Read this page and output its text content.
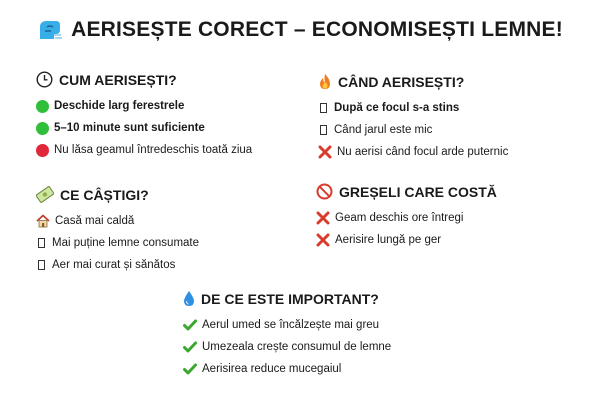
AERISEȘTE CORECT – ECONOMISEȘTI LEMNE!
CUM AERISEȘTI?
Deschide larg ferestrele
5–10 minute sunt suficiente
Nu lăsa geamul întredeschis toată ziua
CÂND AERISEȘTI?
După ce focul s-a stins
Când jarul este mic
Nu aerisi când focul arde puternic
CE CÂȘTIGI?
Casă mai caldă
Mai puține lemne consumate
Aer mai curat și sănătos
GREȘELI CARE COSTĂ
Geam deschis ore întregi
Aerisire lungă pe ger
DE CE ESTE IMPORTANT?
Aerul umed se încălzește mai greu
Umezeala crește consumul de lemne
Aerisirea reduce mucegaiul
